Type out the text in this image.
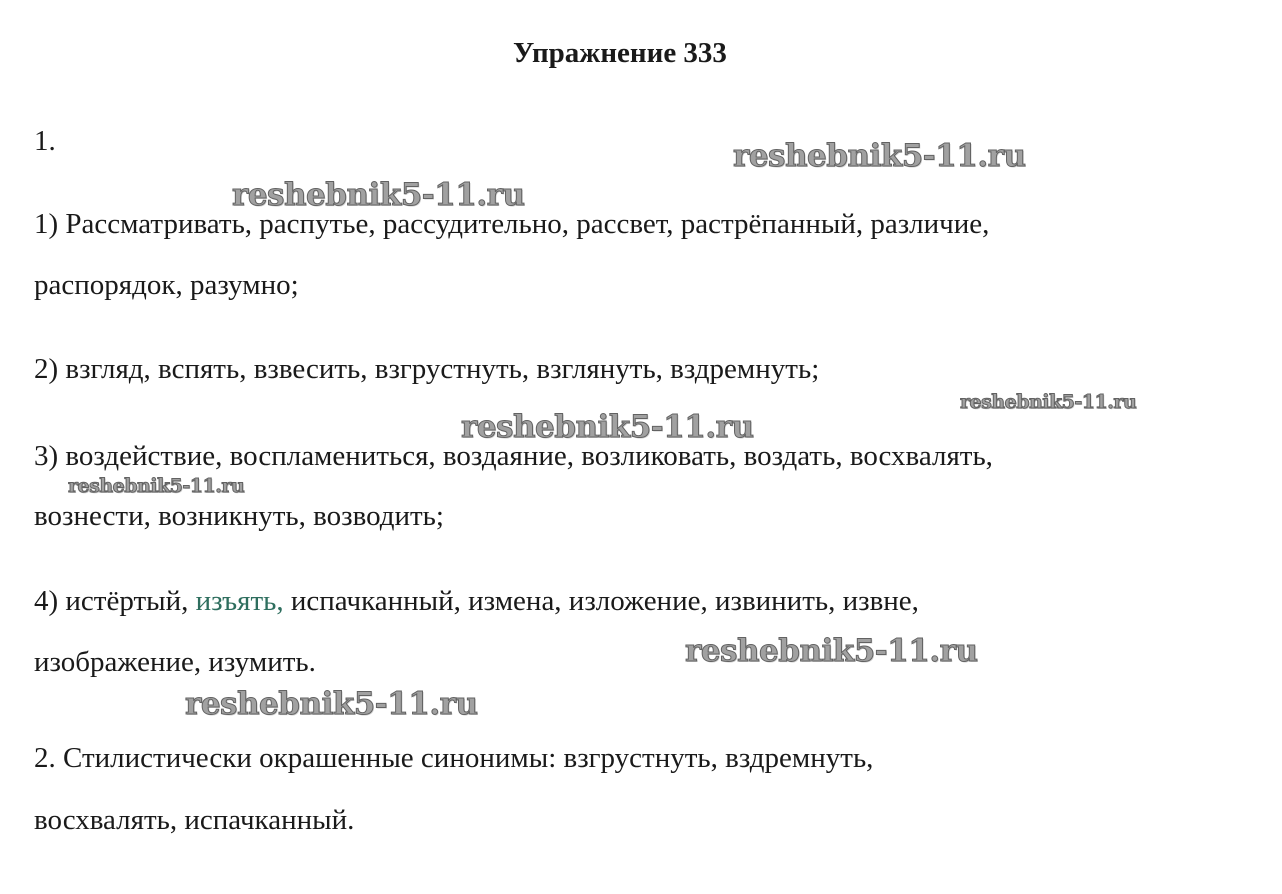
Упражнение 333
1.
1) Рассматривать, распутье, рассудительно, рассвет, растрёпанный, различие,
распорядок, разумно;
2) взгляд, вспять, взвесить, взгрустнуть, взглянуть, вздремнуть;
3) воздействие, воспламениться, воздаяние, возликовать, воздать, восхвалять,
вознести, возникнуть, возводить;
4) истёртый, изъять, испачканный, измена, изложение, извинить, извне,
изображение, изумить.
2. Стилистически окрашенные синонимы: взгрустнуть, вздремнуть,
восхвалять, испачканный.
reshebnik5-11.ru
reshebnik5-11.ru
reshebnik5-11.ru
reshebnik5-11.ru
reshebnik5-11.ru
reshebnik5-11.ru
reshebnik5-11.ru
